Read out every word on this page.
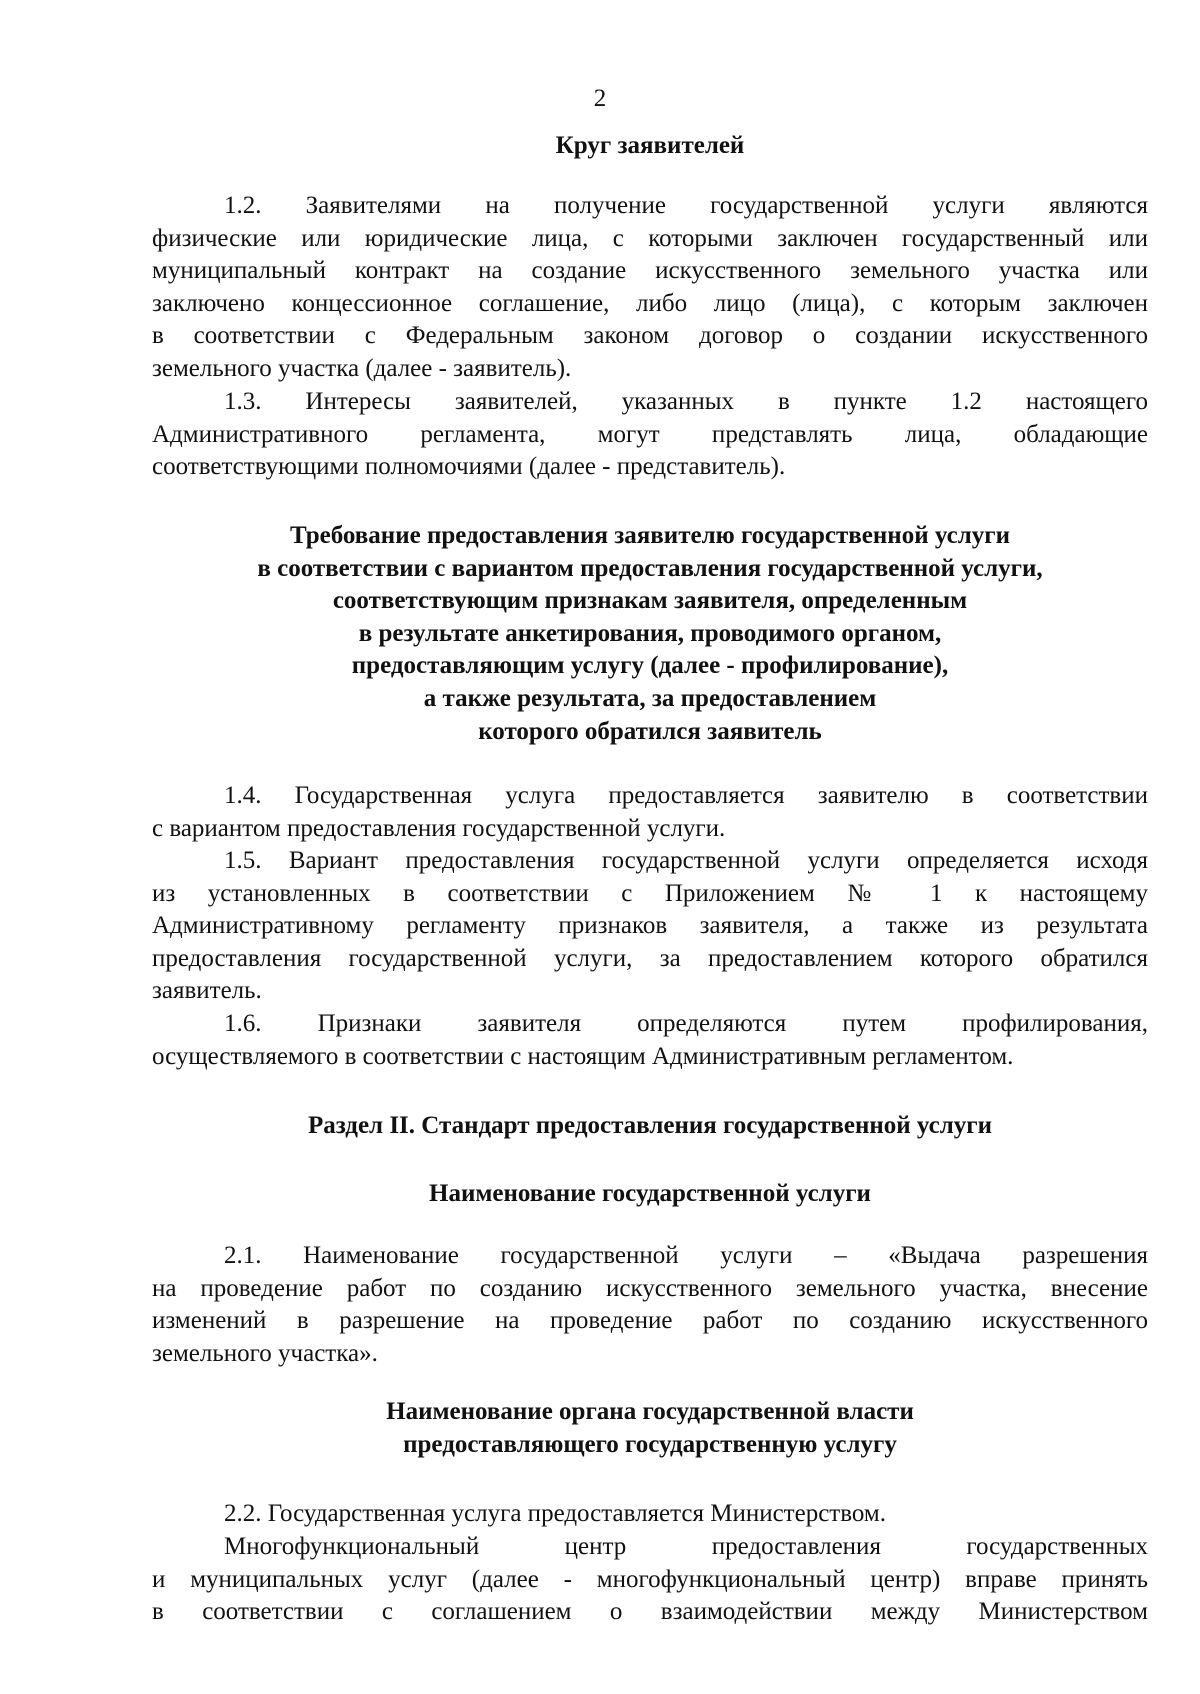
2
Круг заявителей
1.2. Заявителями на получение государственной услуги являются
физические или юридические лица, с которыми заключен государственный или
муниципальный контракт на создание искусственного земельного участка или
заключено концессионное соглашение, либо лицо (лица), с которым заключен
в соответствии с Федеральным законом договор о создании искусственного
земельного участка (далее - заявитель).
1.3. Интересы заявителей, указанных в пункте 1.2 настоящего
Административного регламента, могут представлять лица, обладающие
соответствующими полномочиями (далее - представитель).
Требование предоставления заявителю государственной услуги
в соответствии с вариантом предоставления государственной услуги,
соответствующим признакам заявителя, определенным
в результате анкетирования, проводимого органом,
предоставляющим услугу (далее - профилирование),
а также результата, за предоставлением
которого обратился заявитель
1.4. Государственная услуга предоставляется заявителю в соответствии
с вариантом предоставления государственной услуги.
1.5. Вариант предоставления государственной услуги определяется исходя
из установленных в соответствии с Приложением № 1 к настоящему
Административному регламенту признаков заявителя, а также из результата
предоставления государственной услуги, за предоставлением которого обратился
заявитель.
1.6. Признаки заявителя определяются путем профилирования,
осуществляемого в соответствии с настоящим Административным регламентом.
Раздел II. Стандарт предоставления государственной услуги
Наименование государственной услуги
2.1. Наименование государственной услуги – «Выдача разрешения
на проведение работ по созданию искусственного земельного участка, внесение
изменений в разрешение на проведение работ по созданию искусственного
земельного участка».
Наименование органа государственной власти
предоставляющего государственную услугу
2.2. Государственная услуга предоставляется Министерством.
Многофункциональный центр предоставления государственных
и муниципальных услуг (далее - многофункциональный центр) вправе принять
в соответствии с соглашением о взаимодействии между Министерством
